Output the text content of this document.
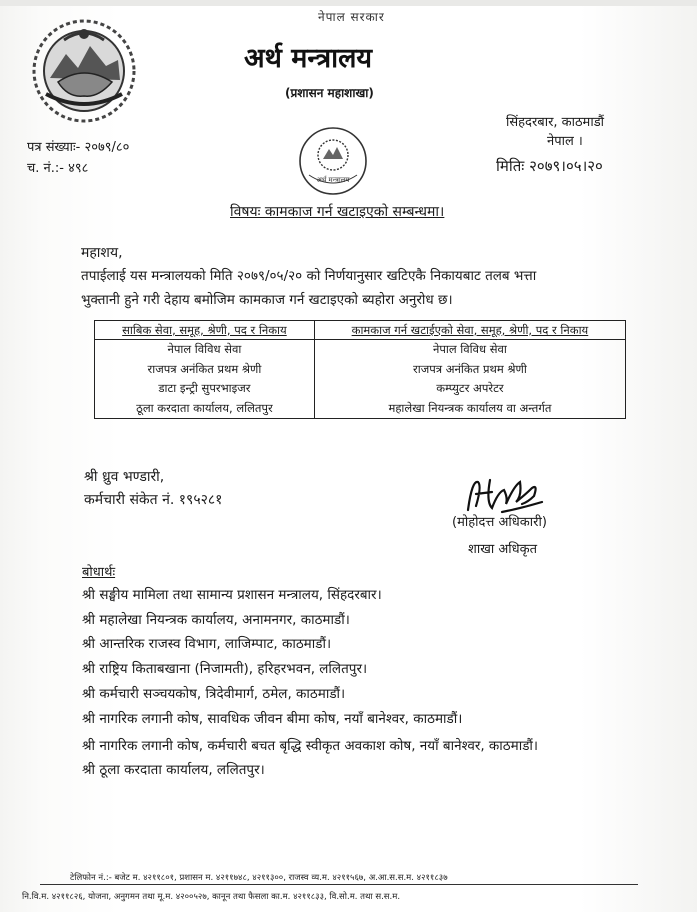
नेपाल सरकार
अर्थ मन्त्रालय
(प्रशासन महाशाखा)
सिंहदरबार, काठमाडौं
नेपाल ।
पत्र संख्याः- २०७९/८०
च. नं.:- ४९८
अर्थ मन्त्रालय
मितिः २०७९।०५।२०
विषयः कामकाज गर्न खटाइएको सम्बन्धमा।
महाशय,
तपाईलाई यस मन्त्रालयको मिति २०७९/०५/२० को निर्णयानुसार खटिएकै निकायबाट तलब भत्ता
भुक्तानी हुने गरी देहाय बमोजिम कामकाज गर्न खटाइएको ब्यहोरा अनुरोध छ।
साबिक सेवा, समूह, श्रेणी, पद र निकाय	कामकाज गर्न खटाईएको सेवा, समूह, श्रेणी, पद र निकाय
नेपाल विविध सेवा	नेपाल विविध सेवा
राजपत्र अनंकित प्रथम श्रेणी	राजपत्र अनंकित प्रथम श्रेणी
डाटा इन्ट्री सुपरभाइजर	कम्प्युटर अपरेटर
ठूला करदाता कार्यालय, ललितपुर	महालेखा नियन्त्रक कार्यालय वा अन्तर्गत
श्री ध्रुव भण्डारी,
कर्मचारी संकेत नं. १९५२८१
(मोहोदत्त अधिकारी)
शाखा अधिकृत
बोधार्थः
श्री सङ्घीय मामिला तथा सामान्य प्रशासन मन्त्रालय, सिंहदरबार।
श्री महालेखा नियन्त्रक कार्यालय, अनामनगर, काठमाडौं।
श्री आन्तरिक राजस्व विभाग, लाजिम्पाट, काठमाडौं।
श्री राष्ट्रिय किताबखाना (निजामती), हरिहरभवन, ललितपुर।
श्री कर्मचारी सञ्चयकोष, त्रिदेवीमार्ग, ठमेल, काठमाडौं।
श्री नागरिक लगानी कोष, सावधिक जीवन बीमा कोष, नयाँ बानेश्वर, काठमाडौं।
श्री नागरिक लगानी कोष, कर्मचारी बचत बृद्धि स्वीकृत अवकाश कोष, नयाँ बानेश्वर, काठमाडौं।
श्री ठूला करदाता कार्यालय, ललितपुर।
टेलिफोन नं.:- बजेट म. ४२११८०१, प्रशासन म. ४२११७४८, ४२११३००, राजस्व व्य.म. ४२११५६७, अ.आ.स.स.म. ४२११८३७
नि.वि.म. ४२११८२६, योजना, अनुगमन तथा मू.म. ४२००५२७, कानून तथा फैसला का.म. ४२११८३३, वि.सो.म. तथा स.स.म.
